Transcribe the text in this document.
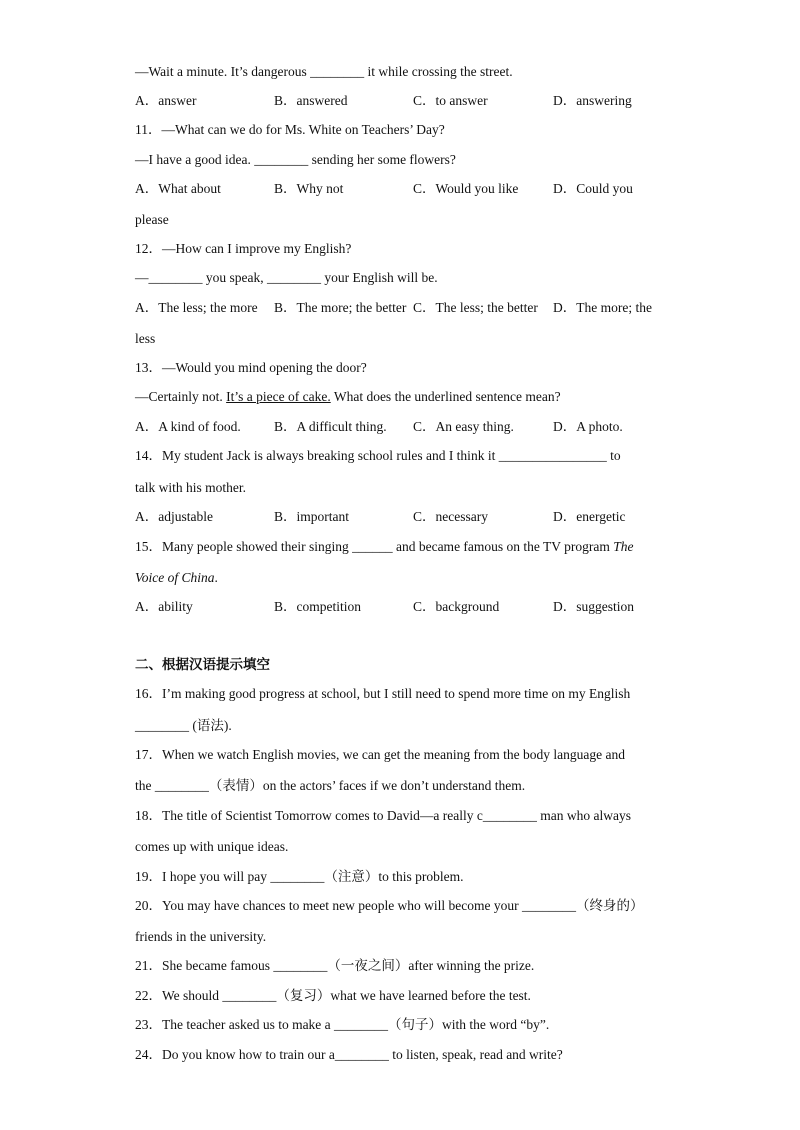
—Wait a minute. It’s dangerous ________ it while crossing the street.
A．answer	B．answered	C．to answer	D．answering
11．—What can we do for Ms. White on Teachers’ Day?
—I have a good idea. ________ sending her some flowers?
A．What about	B．Why not	C．Would you like	D．Could you
please
12．—How can I improve my English?
—________ you speak, ________ your English will be.
A．The less; the more B．The more; the better C．The less; the better D．The more; the
less
13．—Would you mind opening the door?
—Certainly not. It’s a piece of cake. What does the underlined sentence mean?
A．A kind of food. B．A difficult thing. C．An easy thing.	D．A photo.
14．My student Jack is always breaking school rules and I think it ________________ to
talk with his mother.
A．adjustable	B．important	C．necessary	D．energetic
15．Many people showed their singing ______ and became famous on the TV program The
Voice of China.
A．ability	B．competition	C．background	D．suggestion
二、根据汉语提示填空
16．I’m making good progress at school, but I still need to spend more time on my English
________ (语法).
17．When we watch English movies, we can get the meaning from the body language and
the ________（表情）on the actors’ faces if we don’t understand them.
18．The title of Scientist Tomorrow comes to David—a really c________ man who always
comes up with unique ideas.
19．I hope you will pay ________（注意）to this problem.
20．You may have chances to meet new people who will become your ________（终身的）
friends in the university.
21．She became famous ________（一夜之间）after winning the prize.
22．We should ________（复习）what we have learned before the test.
23．The teacher asked us to make a ________（句子）with the word “by”.
24．Do you know how to train our a________ to listen, speak, read and write?
